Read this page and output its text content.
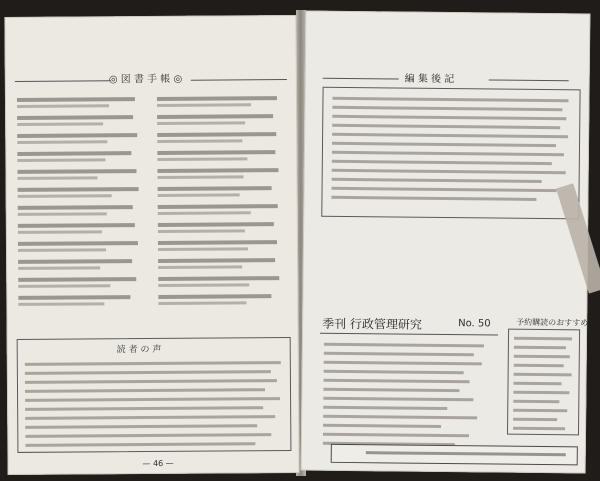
◎ 図 書 手 帳 ◎
読 者 の 声
— 46 —
編 集 後 記
季刊 行政管理研究	No. 50	予約購読のおすすめ
